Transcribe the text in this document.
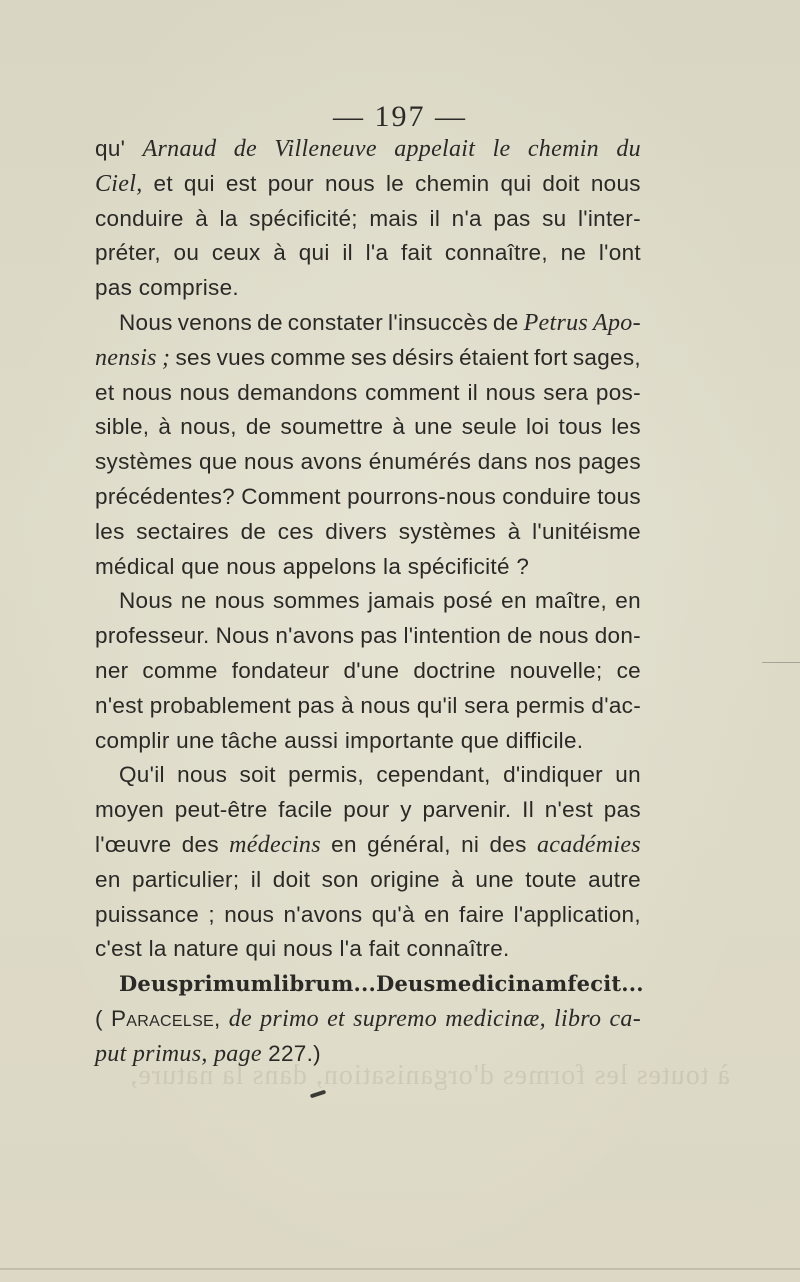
à toutes les formes d'organisation, dans la nature,
— 197 —
qu' Arnaud de Villeneuve appelait le chemin du
Ciel, et qui est pour nous le chemin qui doit nous
conduire à la spécificité; mais il n'a pas su l'inter-
préter, ou ceux à qui il l'a fait connaître, ne l'ont
pas comprise.
Nous venons de constater l'insuccès de Petrus Apo-
nensis ; ses vues comme ses désirs étaient fort sages,
et nous nous demandons comment il nous sera pos-
sible, à nous, de soumettre à une seule loi tous les
systèmes que nous avons énumérés dans nos pages
précédentes? Comment pourrons-nous conduire tous
les sectaires de ces divers systèmes à l'unitéisme
médical que nous appelons la spécificité ?
Nous ne nous sommes jamais posé en maître, en
professeur. Nous n'avons pas l'intention de nous don-
ner comme fondateur d'une doctrine nouvelle; ce
n'est probablement pas à nous qu'il sera permis d'ac-
complir une tâche aussi importante que difficile.
Qu'il nous soit permis, cependant, d'indiquer un
moyen peut-être facile pour y parvenir. Il n'est pas
l'œuvre des médecins en général, ni des académies
en particulier; il doit son origine à une toute autre
puissance ; nous n'avons qu'à en faire l'application,
c'est la nature qui nous l'a fait connaître.
Deus primum librum... Deus medicinam fecit...
( Paracelse, de primo et supremo medicinæ, libro ca-
put primus, page 227.)
